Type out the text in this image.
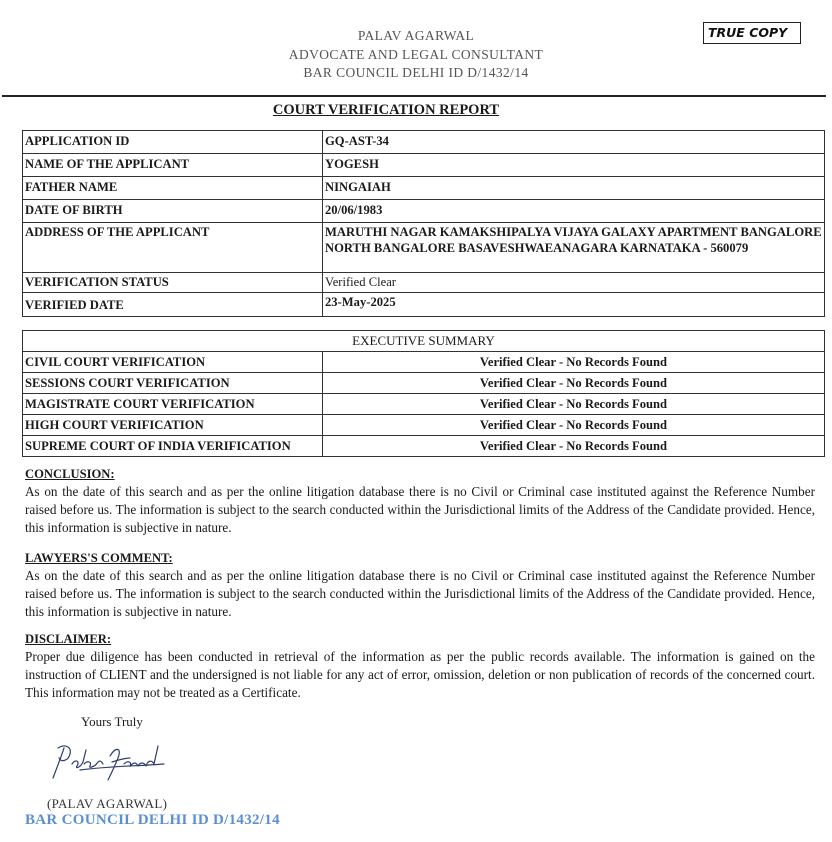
PALAV AGARWAL
ADVOCATE AND LEGAL CONSULTANT
BAR COUNCIL DELHI ID D/1432/14
TRUE COPY
COURT VERIFICATION REPORT
APPLICATION ID	GQ-AST-34
NAME OF THE APPLICANT	YOGESH
FATHER NAME	NINGAIAH
DATE OF BIRTH	20/06/1983
ADDRESS OF THE APPLICANT	MARUTHI NAGAR KAMAKSHIPALYA VIJAYA GALAXY APARTMENT BANGALORE NORTH BANGALORE BASAVESHWAEANAGARA KARNATAKA - 560079
VERIFICATION STATUS	Verified Clear
VERIFIED DATE	23-May-2025
EXECUTIVE SUMMARY	
CIVIL COURT VERIFICATION	Verified Clear - No Records Found
SESSIONS COURT VERIFICATION	Verified Clear - No Records Found
MAGISTRATE COURT VERIFICATION	Verified Clear - No Records Found
HIGH COURT VERIFICATION	Verified Clear - No Records Found
SUPREME COURT OF INDIA VERIFICATION	Verified Clear - No Records Found
CONCLUSION:
As on the date of this search and as per the online litigation database there is no Civil or Criminal case instituted against the Reference Number raised before us. The information is subject to the search conducted within the Jurisdictional limits of the Address of the Candidate provided. Hence, this information is subjective in nature.
LAWYERS'S COMMENT:
As on the date of this search and as per the online litigation database there is no Civil or Criminal case instituted against the Reference Number raised before us. The information is subject to the search conducted within the Jurisdictional limits of the Address of the Candidate provided. Hence, this information is subjective in nature.
DISCLAIMER:
Proper due diligence has been conducted in retrieval of the information as per the public records available. The information is gained on the instruction of CLIENT and the undersigned is not liable for any act of error, omission, deletion or non publication of records of the concerned court. This information may not be treated as a Certificate.
Yours Truly
(PALAV AGARWAL)
BAR COUNCIL DELHI ID D/1432/14
